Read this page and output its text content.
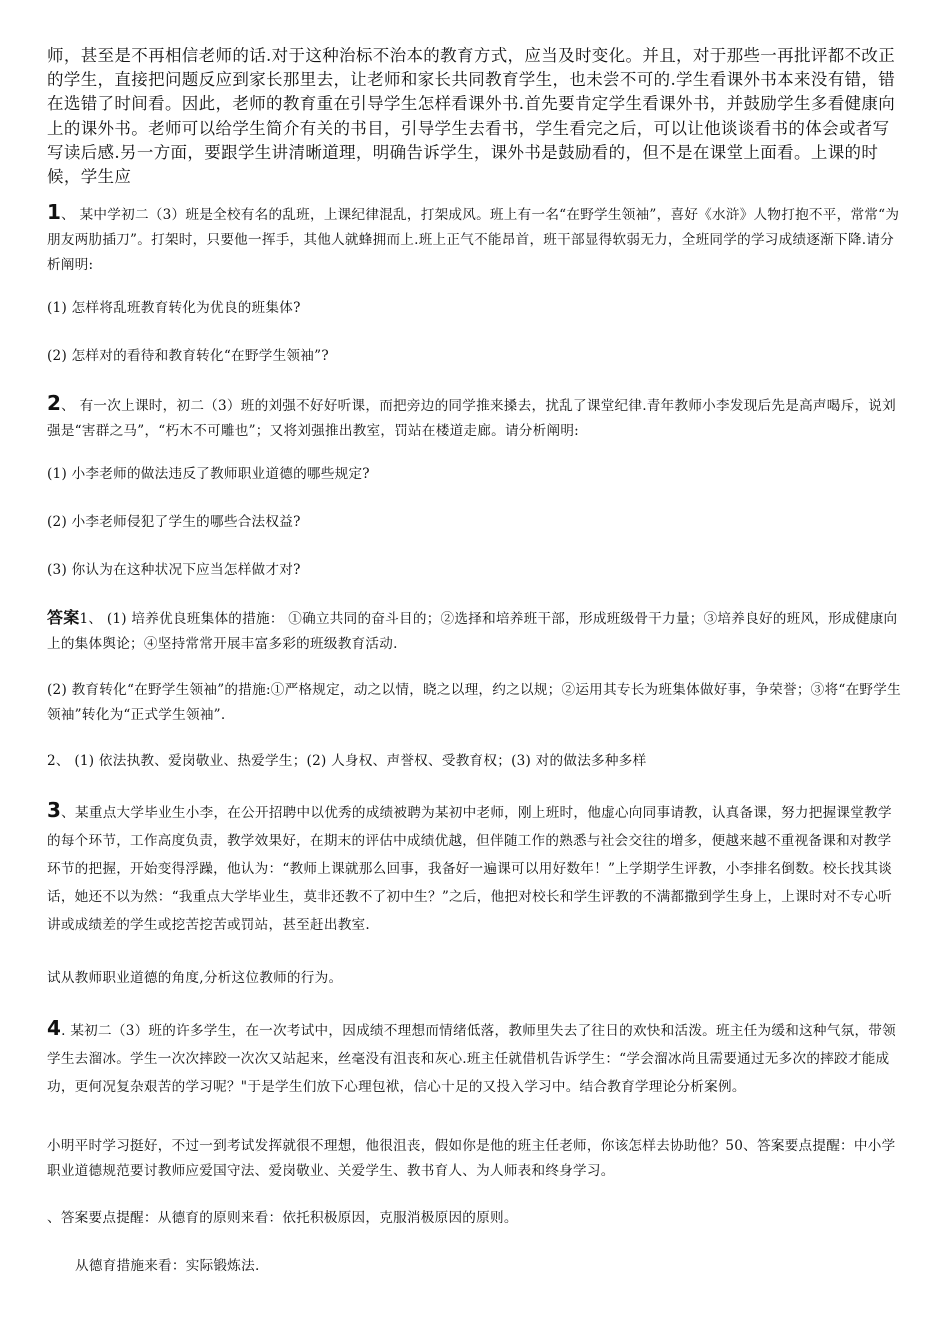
师，甚至是不再相信老师的话.对于这种治标不治本的教育方式，应当及时变化。并且，对于那些一再批评都不改正的学生，直接把问题反应到家长那里去，让老师和家长共同教育学生，也未尝不可的.学生看课外书本来没有错，错在选错了时间看。因此，老师的教育重在引导学生怎样看课外书.首先要肯定学生看课外书，并鼓励学生多看健康向上的课外书。老师可以给学生简介有关的书目，引导学生去看书，学生看完之后，可以让他谈谈看书的体会或者写写读后感.另一方面，要跟学生讲清晰道理，明确告诉学生，课外书是鼓励看的，但不是在课堂上面看。上课的时候，学生应

1、 某中学初二（3）班是全校有名的乱班，上课纪律混乱，打架成风。班上有一名“在野学生领袖”，喜好《水浒》人物打抱不平，常常“为朋友两肋插刀”。打架时，只要他一挥手，其他人就蜂拥而上.班上正气不能昂首，班干部显得软弱无力，全班同学的学习成绩逐渐下降.请分析阐明:

(1) 怎样将乱班教育转化为优良的班集体?

(2) 怎样对的看待和教育转化“在野学生领袖”?

2、 有一次上课时，初二（3）班的刘强不好好听课，而把旁边的同学推来搡去，扰乱了课堂纪律.青年教师小李发现后先是高声喝斥，说刘强是“害群之马”，“朽木不可雕也”；又将刘强推出教室，罚站在楼道走廊。请分析阐明:

(1) 小李老师的做法违反了教师职业道德的哪些规定?

(2) 小李老师侵犯了学生的哪些合法权益?

(3) 你认为在这种状况下应当怎样做才对?

答案1、 (1) 培养优良班集体的措施： ①确立共同的奋斗目的；②选择和培养班干部，形成班级骨干力量；③培养良好的班风，形成健康向上的集体舆论；④坚持常常开展丰富多彩的班级教育活动.

(2) 教育转化“在野学生领袖”的措施:①严格规定，动之以情，晓之以理，约之以规；②运用其专长为班集体做好事，争荣誉；③将“在野学生领袖”转化为“正式学生领袖”.

2、 (1) 依法执教、爱岗敬业、热爱学生；(2) 人身权、声誉权、受教育权；(3) 对的做法多种多样

3、某重点大学毕业生小李，在公开招聘中以优秀的成绩被聘为某初中老师，刚上班时，他虚心向同事请教，认真备课，努力把握课堂教学的每个环节，工作高度负责，教学效果好，在期末的评估中成绩优越，但伴随工作的熟悉与社会交往的增多，便越来越不重视备课和对教学环节的把握，开始变得浮躁，他认为：“教师上课就那么回事，我备好一遍课可以用好数年！”上学期学生评教，小李排名倒数。校长找其谈话，她还不以为然：“我重点大学毕业生，莫非还教不了初中生？”之后，他把对校长和学生评教的不满都撒到学生身上，上课时对不专心听讲或成绩差的学生或挖苦挖苦或罚站，甚至赶出教室.

试从教师职业道德的角度,分析这位教师的行为。

4. 某初二（3）班的许多学生，在一次考试中，因成绩不理想而情绪低落，教师里失去了往日的欢快和活泼。班主任为缓和这种气氛，带领学生去溜冰。学生一次次摔跤一次次又站起来，丝毫没有沮丧和灰心.班主任就借机告诉学生：“学会溜冰尚且需要通过无多次的摔跤才能成功，更何况复杂艰苦的学习呢？"于是学生们放下心理包袱，信心十足的又投入学习中。结合教育学理论分析案例。

小明平时学习挺好，不过一到考试发挥就很不理想，他很沮丧，假如你是他的班主任老师，你该怎样去协助他？50、答案要点提醒：中小学职业道德规范要讨教师应爱国守法、爱岗敬业、关爱学生、教书育人、为人师表和终身学习。

、答案要点提醒：从德育的原则来看：依托积极原因，克服消极原因的原则。

从德育措施来看：实际锻炼法.
